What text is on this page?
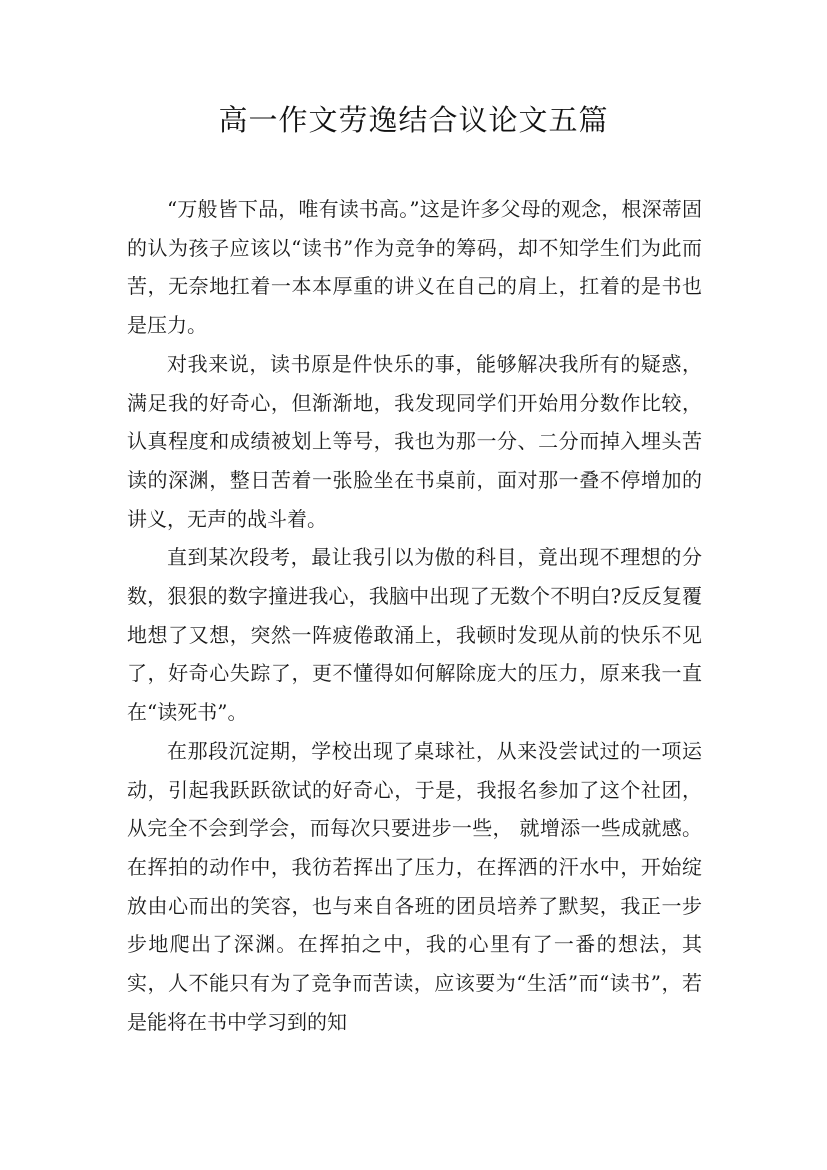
高一作文劳逸结合议论文五篇

“万般皆下品，唯有读书高。”这是许多父母的观念，根深蒂固的认为孩子应该以“读书”作为竞争的筹码，却不知学生们为此而苦，无奈地扛着一本本厚重的讲义在自己的肩上，扛着的是书也是压力。

对我来说，读书原是件快乐的事，能够解决我所有的疑惑，满足我的好奇心，但渐渐地，我发现同学们开始用分数作比较，认真程度和成绩被划上等号，我也为那一分、二分而掉入埋头苦读的深渊，整日苦着一张脸坐在书桌前，面对那一叠不停增加的讲义，无声的战斗着。

直到某次段考，最让我引以为傲的科目，竟出现不理想的分数，狠狠的数字撞进我心，我脑中出现了无数个不明白?反反复覆地想了又想，突然一阵疲倦敢涌上，我顿时发现从前的快乐不见了，好奇心失踪了，更不懂得如何解除庞大的压力，原来我一直在“读死书”。

在那段沉淀期，学校出现了桌球社，从来没尝试过的一项运动，引起我跃跃欲试的好奇心，于是，我报名参加了这个社团，从完全不会到学会，而每次只要进步一些， 就增添一些成就感。在挥拍的动作中，我彷若挥出了压力，在挥洒的汗水中，开始绽放由心而出的笑容，也与来自各班的团员培养了默契，我正一步步地爬出了深渊。在挥拍之中，我的心里有了一番的想法，其实，人不能只有为了竞争而苦读，应该要为“生活”而“读书”，若是能将在书中学习到的知
